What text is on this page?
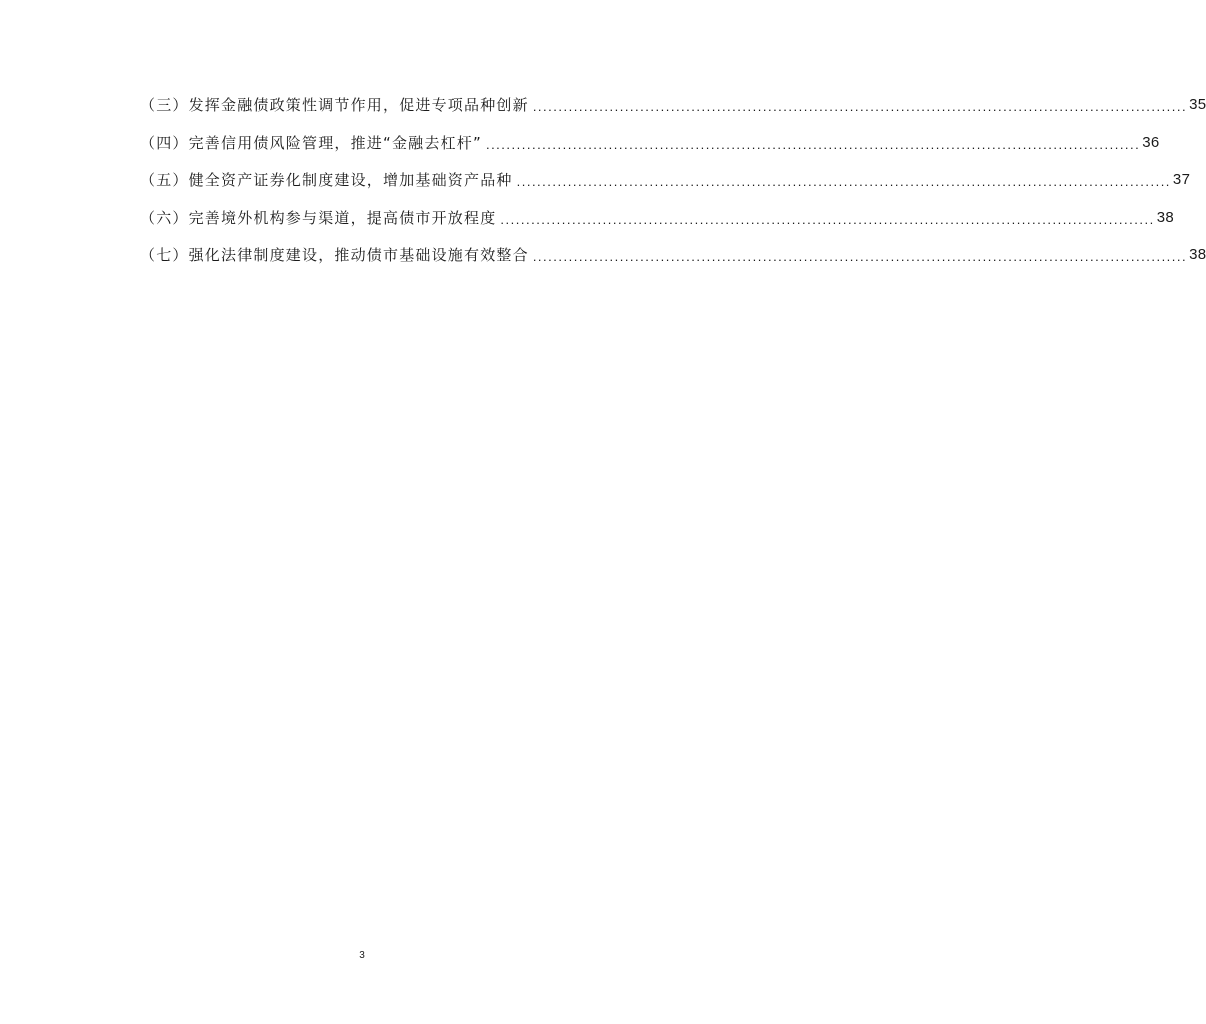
（三）发挥金融债政策性调节作用，促进专项品种创新 .....	35
（四）完善信用债风险管理，推进“金融去杠杆” .....	36
（五）健全资产证券化制度建设，增加基础资产品种 .....	37
（六）完善境外机构参与渠道，提高债市开放程度 .....	38
（七）强化法律制度建设，推动债市基础设施有效整合 .....	38
3
